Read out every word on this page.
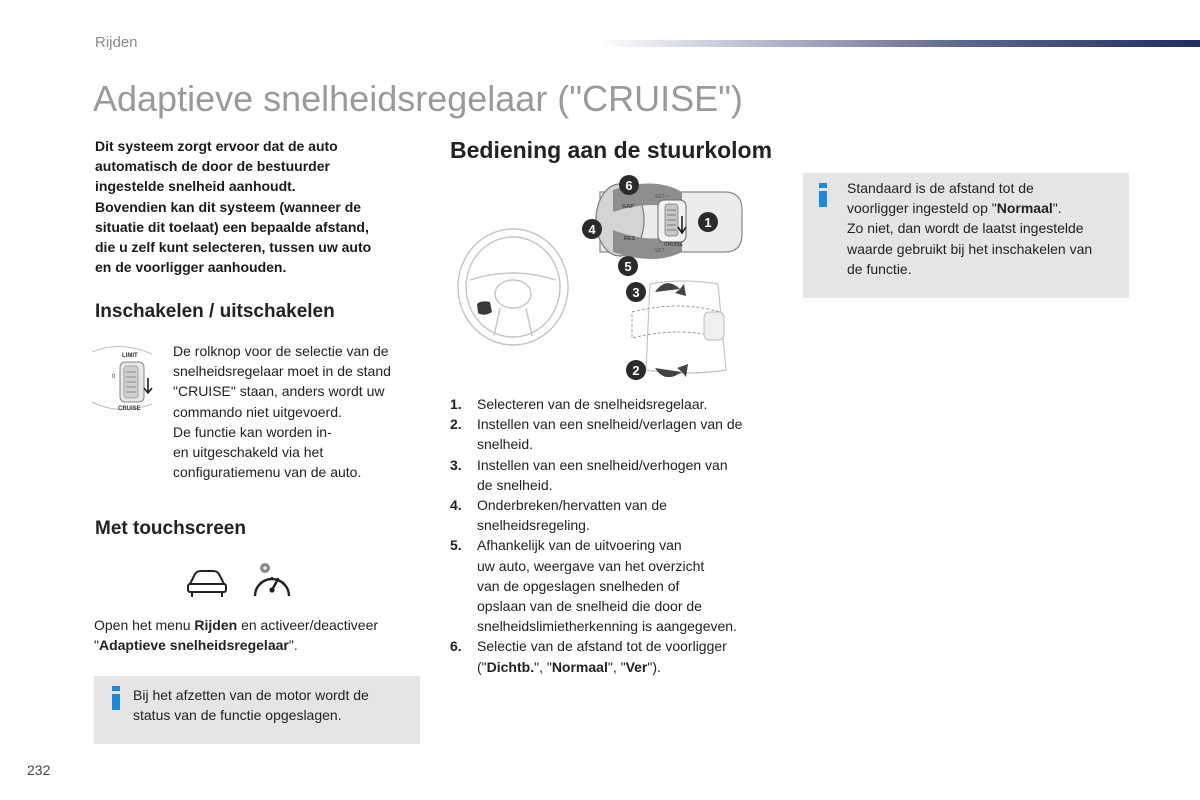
Rijden
Adaptieve snelheidsregelaar ("CRUISE")
Dit systeem zorgt ervoor dat de auto
automatisch de door de bestuurder
ingestelde snelheid aanhoudt.
Bovendien kan dit systeem (wanneer de
situatie dit toelaat) een bepaalde afstand,
die u zelf kunt selecteren, tussen uw auto
en de voorligger aanhouden.
Inschakelen / uitschakelen
LIMIT
0
CRUISE
De rolknop voor de selectie van de
snelheidsregelaar moet in de stand
"CRUISE" staan, anders wordt uw
commando niet uitgevoerd.
De functie kan worden in-
en uitgeschakeld via het
configuratiemenu van de auto.
Met touchscreen
Open het menu Rijden en activeer/deactiveer
"Adaptieve snelheidsregelaar".
Bij het afzetten van de motor wordt de
status van de functie opgeslagen.
Bediening aan de stuurkolom
GAP
SET +
SET -
RES
CRUISE
6
1
4
5
3
2
1. Selecteren van de snelheidsregelaar.
2. Instellen van een snelheid/verlagen van de
snelheid.
3. Instellen van een snelheid/verhogen van
de snelheid.
4. Onderbreken/hervatten van de
snelheidsregeling.
5. Afhankelijk van de uitvoering van
uw auto, weergave van het overzicht
van de opgeslagen snelheden of
opslaan van de snelheid die door de
snelheidslimietherkenning is aangegeven.
6. Selectie van de afstand tot de voorligger
("Dichtb.", "Normaal", "Ver").
Standaard is de afstand tot de
voorligger ingesteld op "Normaal".
Zo niet, dan wordt de laatst ingestelde
waarde gebruikt bij het inschakelen van
de functie.
232
